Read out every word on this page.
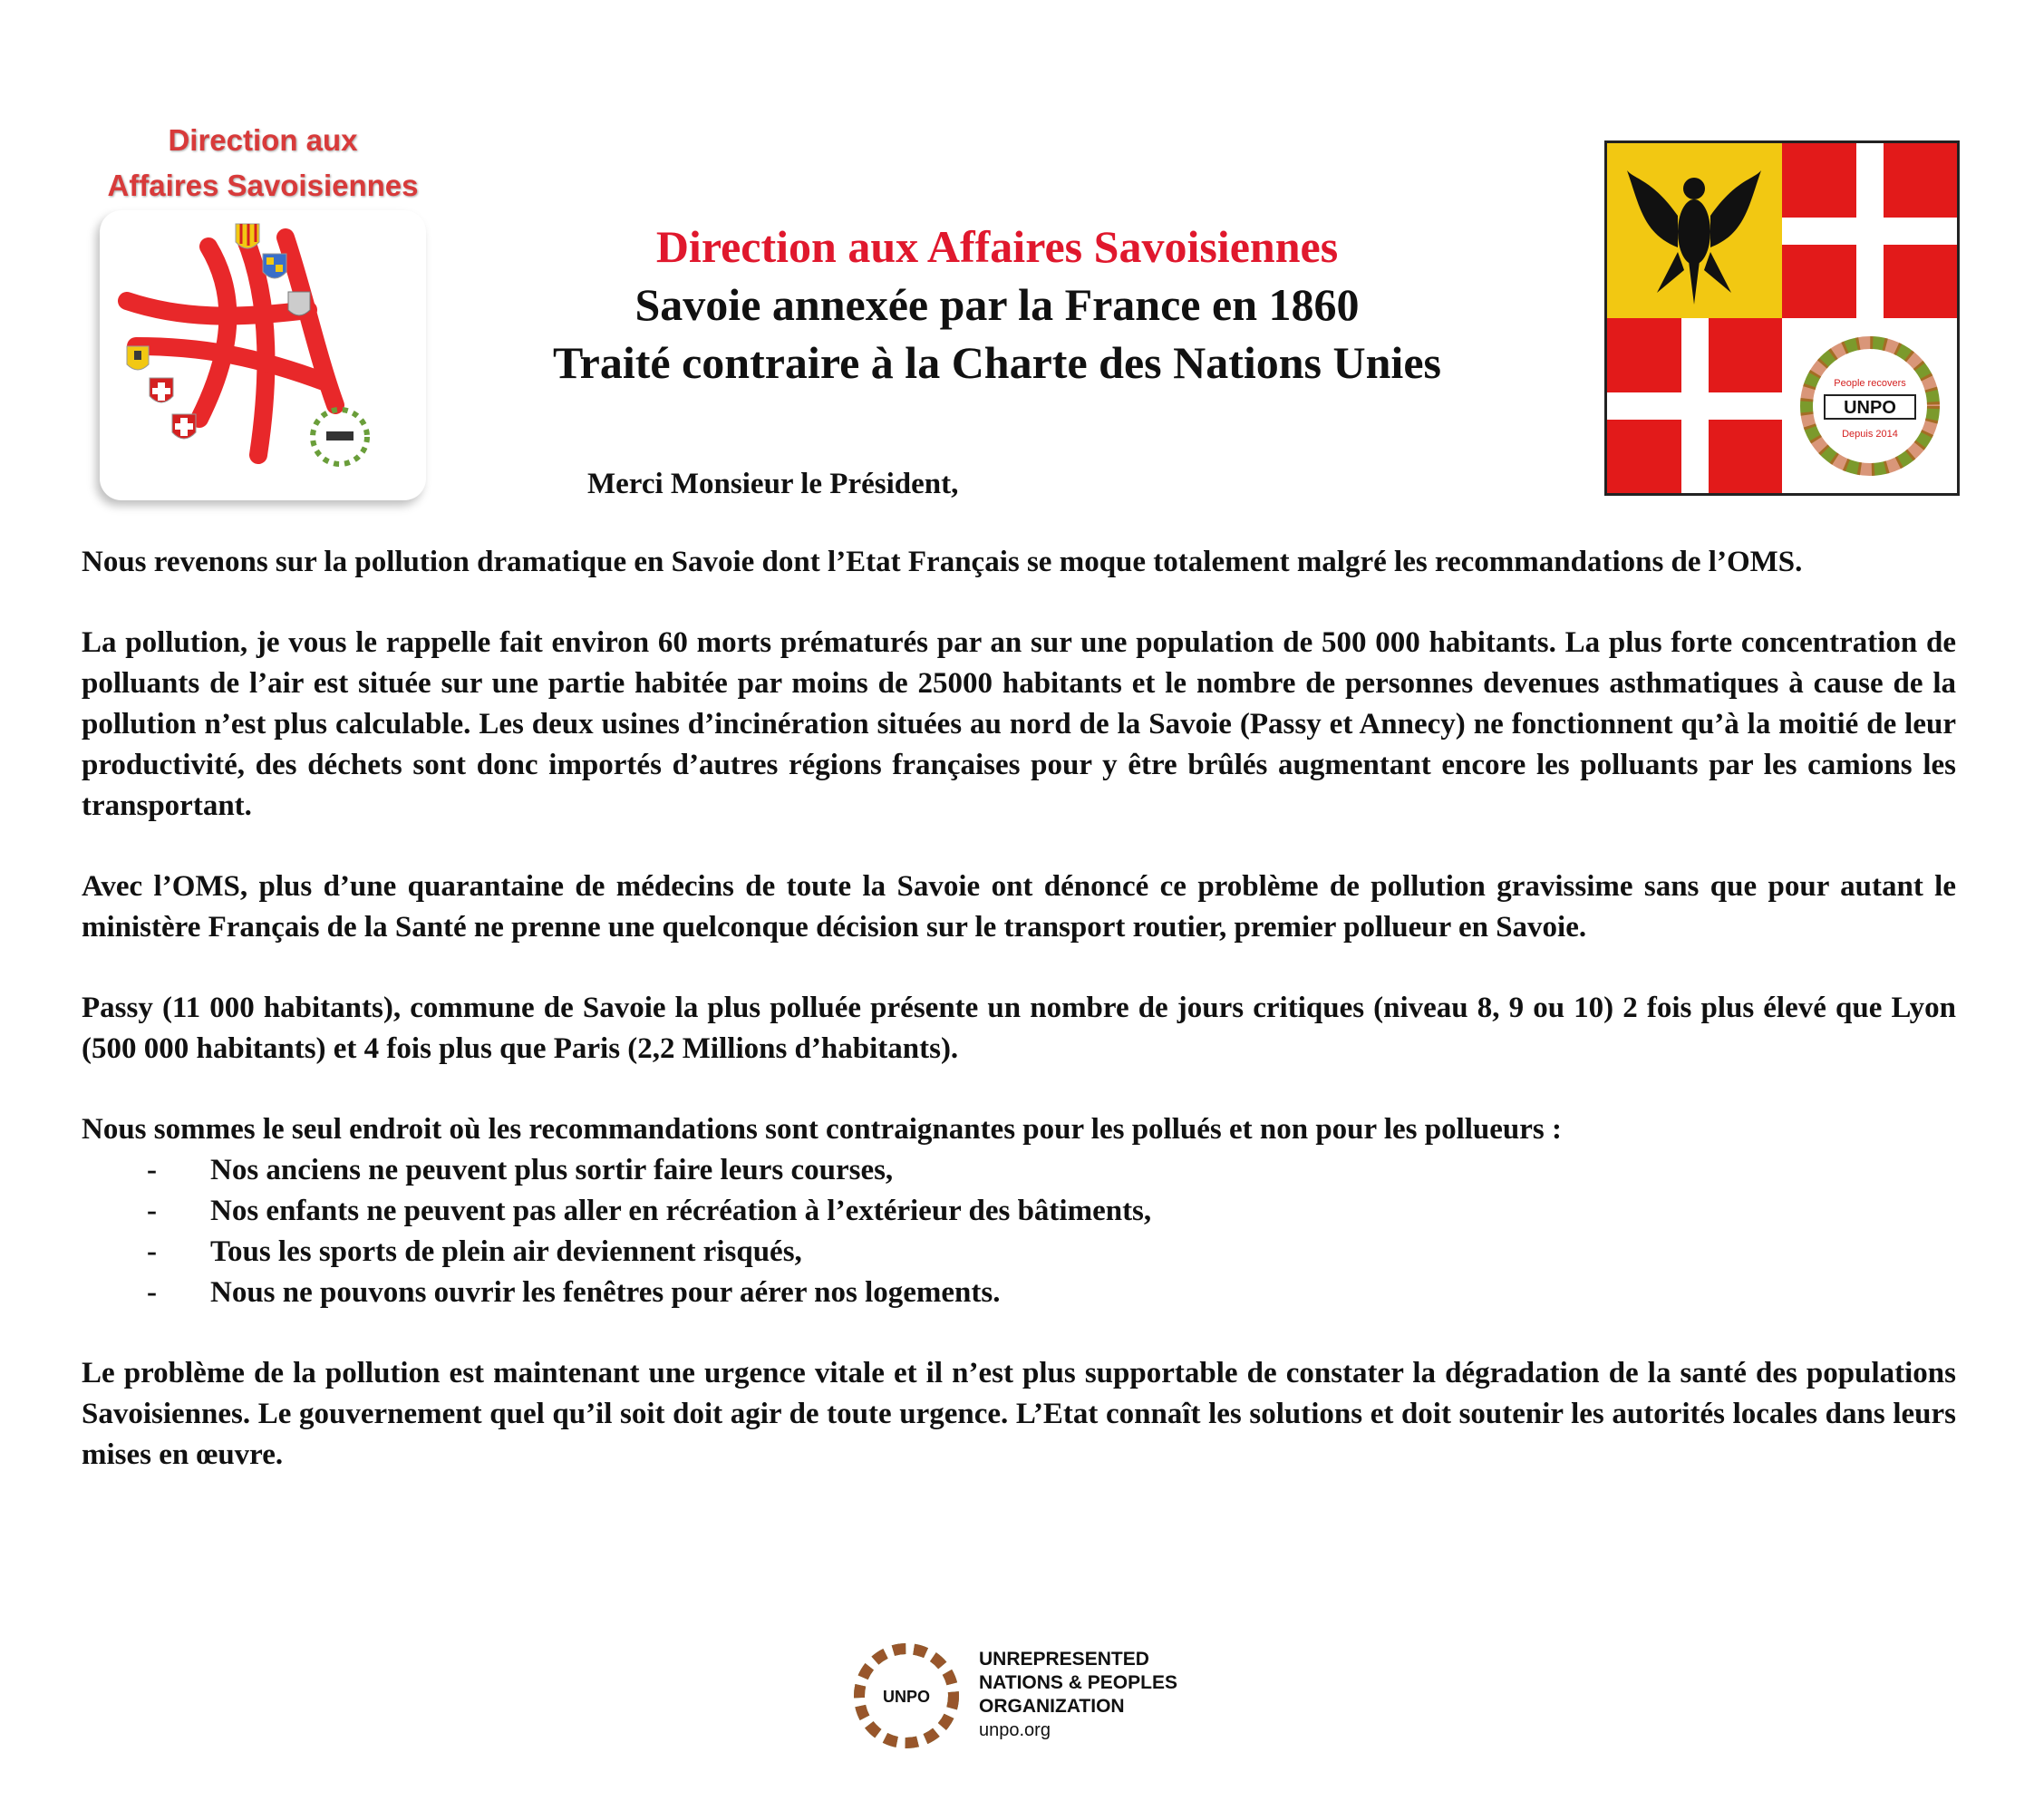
Direction aux
Affaires Savoisiennes
Direction aux Affaires Savoisiennes
Savoie annexée par la France en 1860
Traité contraire à la Charte des Nations Unies
Merci Monsieur le Président,
People recovers
UNPO
Depuis 2014

Nous revenons sur la pollution dramatique en Savoie dont l’Etat Français se moque totalement malgré les recommandations de l’OMS.

La pollution, je vous le rappelle fait environ 60 morts prématurés par an sur une population de 500 000 habitants. La plus forte concentration de polluants de l’air est située sur une partie habitée par moins de 25000 habitants et le nombre de personnes devenues asthmatiques à cause de la pollution n’est plus calculable. Les deux usines d’incinération situées au nord de la Savoie (Passy et Annecy) ne fonctionnent qu’à la moitié de leur productivité, des déchets sont donc importés d’autres régions françaises pour y être brûlés augmentant encore les polluants par les camions les transportant.

Avec l’OMS, plus d’une quarantaine de médecins de toute la Savoie ont dénoncé ce problème de pollution gravissime sans que pour autant le ministère Français de la Santé ne prenne une quelconque décision sur le transport routier, premier pollueur en Savoie.

Passy (11 000 habitants), commune de Savoie la plus polluée présente un nombre de jours critiques (niveau 8, 9 ou 10) 2 fois plus élevé que Lyon (500 000 habitants) et 4 fois plus que Paris (2,2 Millions d’habitants).

Nous sommes le seul endroit où les recommandations sont contraignantes pour les pollués et non pour les pollueurs :

- Nos anciens ne peuvent plus sortir faire leurs courses,
- Nos enfants ne peuvent pas aller en récréation à l’extérieur des bâtiments,
- Tous les sports de plein air deviennent risqués,
- Nous ne pouvons ouvrir les fenêtres pour aérer nos logements.

Le problème de la pollution est maintenant une urgence vitale et il n’est plus supportable de constater la dégradation de la santé des populations Savoisiennes. Le gouvernement quel qu’il soit doit agir de toute urgence. L’Etat connaît les solutions et doit soutenir les autorités locales dans leurs mises en œuvre.

UNPO
UNREPRESENTED
NATIONS & PEOPLES
ORGANIZATION
unpo.org
